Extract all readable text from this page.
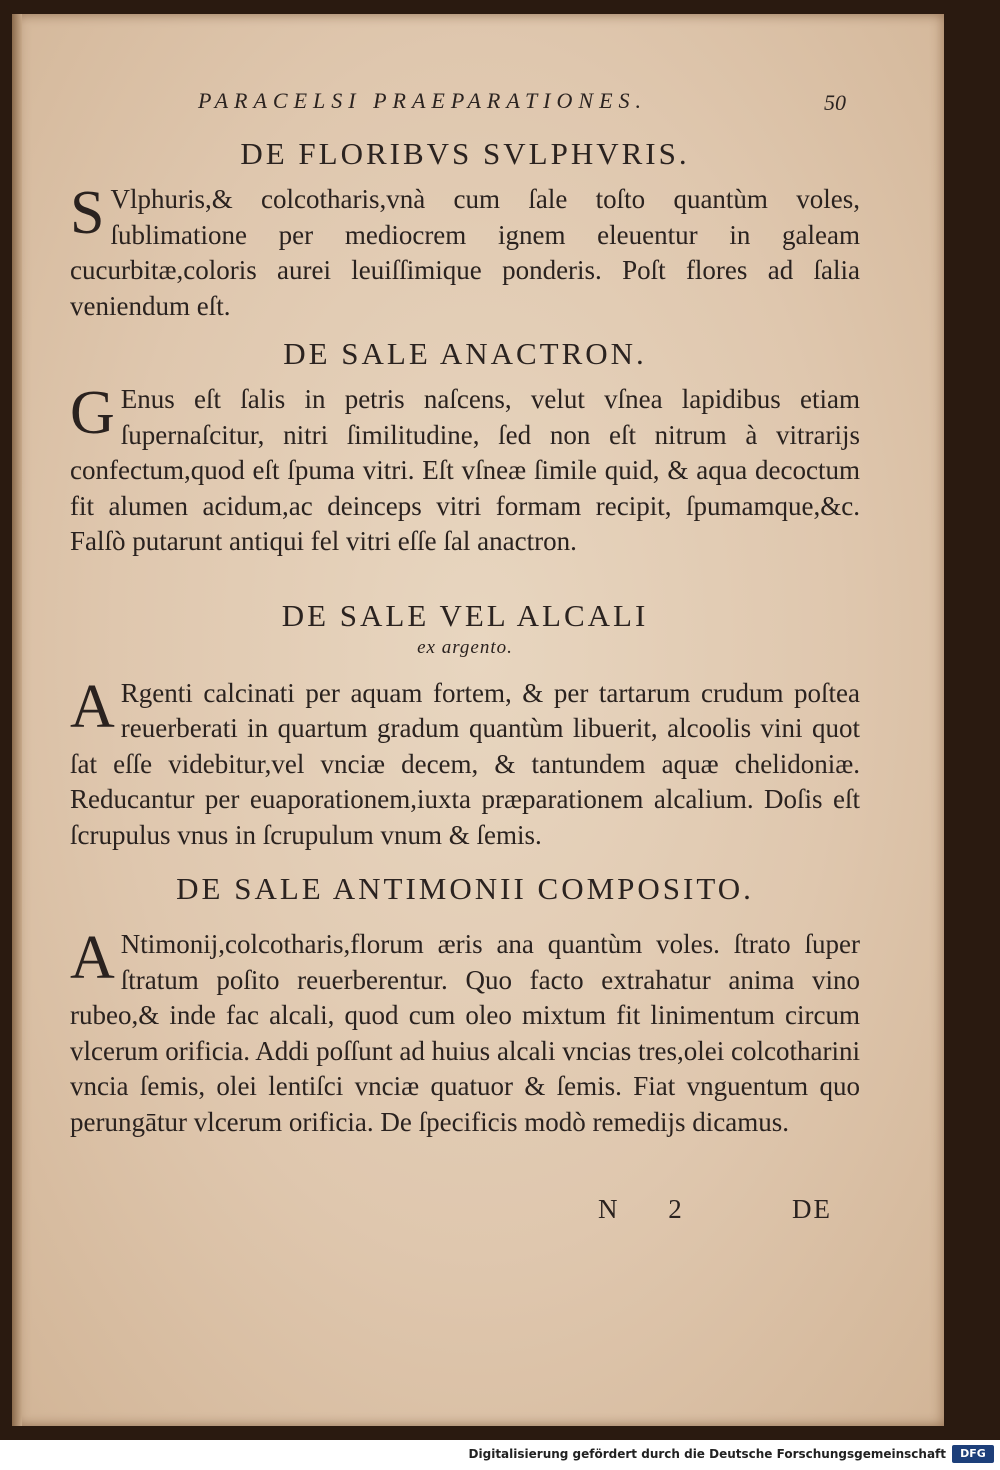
PARACELSI PRAEPARATIONES.	50
DE FLORIBVS SVLPHVRIS.

S Vlphuris,& colcotharis,vnà cum ſale toſto quantùm voles, ſublimatione per mediocrem ignem eleuentur in galeam cucurbitæ,coloris aurei leuiſſimique ponderis. Poſt flores ad ſalia veniendum eſt.

DE SALE ANACTRON.

G Enus eſt ſalis in petris naſcens, velut vſnea lapidibus etiam ſupernaſcitur, nitri ſimilitudine, ſed non eſt nitrum à vitrarijs confectum,quod eſt ſpuma vitri. Eſt vſneæ ſimile quid, & aqua decoctum fit alumen acidum,ac deinceps vitri formam recipit, ſpumamque,&c. Falſò putarunt antiqui fel vitri eſſe ſal anactron.

DE SALE VEL ALCALI
ex argento.

A Rgenti calcinati per aquam fortem, & per tartarum crudum poſtea reuerberati in quartum gradum quantùm libuerit, alcoolis vini quot ſat eſſe videbitur,vel vnciæ decem, & tantundem aquæ chelidoniæ. Reducantur per euaporationem,iuxta præparationem alcalium. Doſis eſt ſcrupulus vnus in ſcrupulum vnum & ſemis.

DE SALE ANTIMONII COMPOSITO.

A Ntimonij,colcotharis,florum æris ana quantùm voles. ſtrato ſuper ſtratum poſito reuerberentur. Quo facto extrahatur anima vino rubeo,& inde fac alcali, quod cum oleo mixtum fit linimentum circum vlcerum orificia. Addi poſſunt ad huius alcali vncias tres,olei colcotharini vncia ſemis, olei lentiſci vnciæ quatuor & ſemis. Fiat vnguentum quo perungātur vlcerum orificia. De ſpecificis modò remedijs dicamus.

N 2	DE
Digitalisierung gefördert durch die Deutsche Forschungsgemeinschaft	DFG
